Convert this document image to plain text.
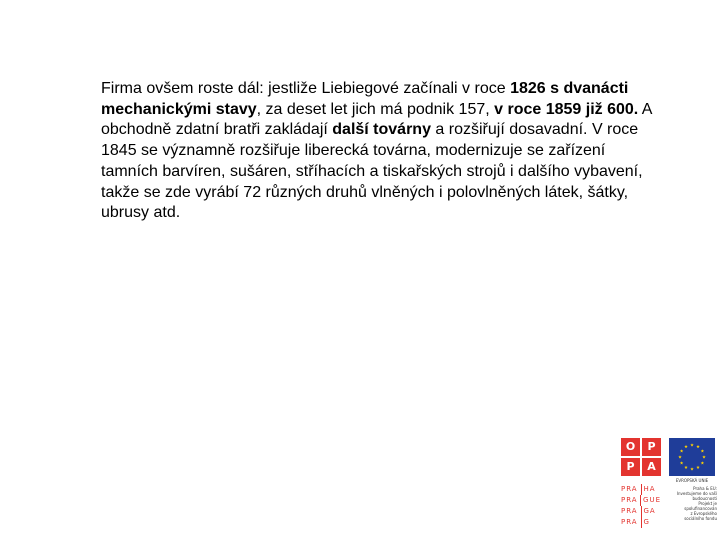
Firma ovšem roste dál: jestliže Liebiegové začínali v roce 1826 s dvanácti mechanickými stavy, za deset let jich má podnik 157, v roce 1859 již 600. A obchodně zdatní bratři zakládají další továrny a rozšiřují dosavadní. V roce 1845 se významně rozšiřuje liberecká továrna, modernizuje se zařízení tamních barvíren, sušáren, stříhacích a tiskařských strojů i dalšího vybavení, takže se zde vyrábí 72 různých druhů vlněných i polovlněných látek, šátky, ubrusy atd.

O	P
P	A
PRA HA
PRA GUE
PRA GA
PRA G
EVROPSKÁ UNIE
Praha & EU:
Investujeme do vaší
budoucnosti
Projekt je
spolufinancován
z Evropského
sociálního fondu
